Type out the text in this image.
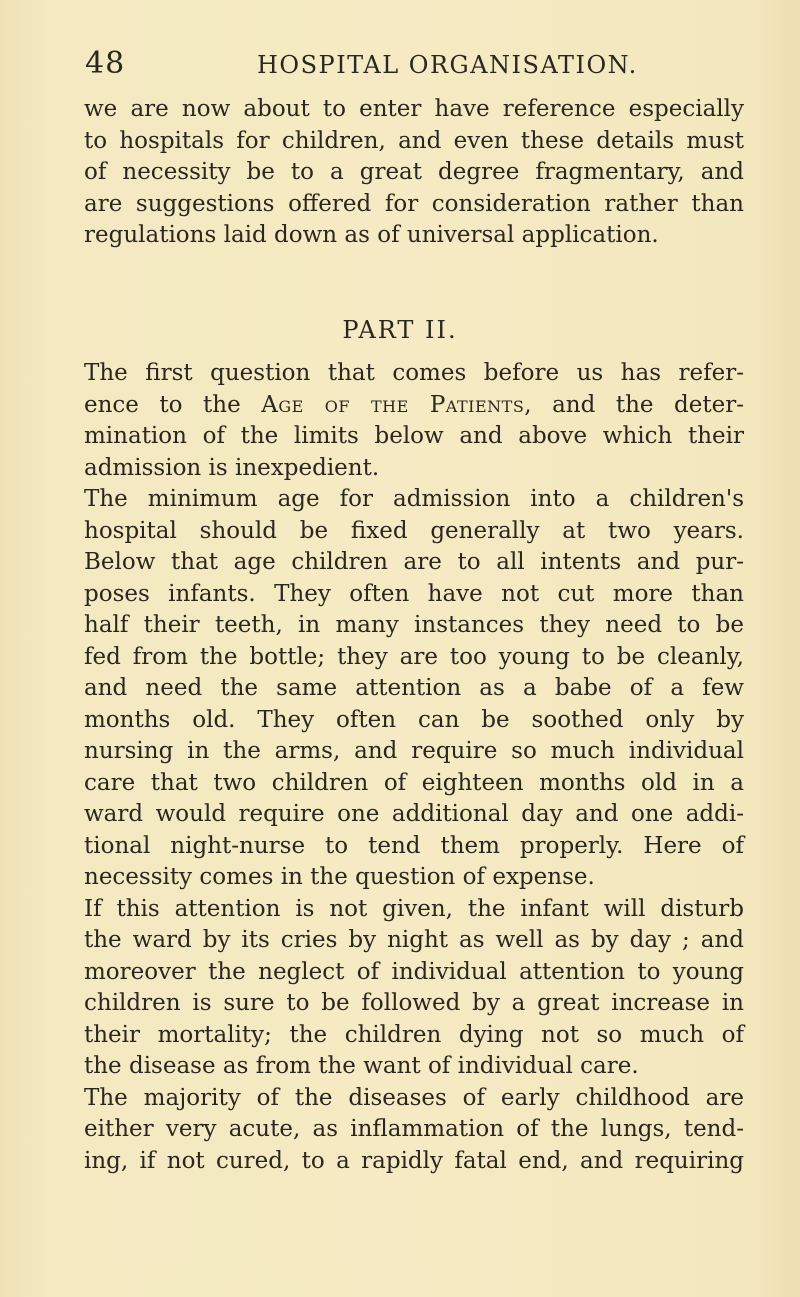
48	HOSPITAL ORGANISATION.
we are now about to enter have reference especially
to hospitals for children, and even these details must
of necessity be to a great degree fragmentary, and
are suggestions offered for consideration rather than
regulations laid down as of universal application.
PART II.
The first question that comes before us has refer-
ence to the Age of the Patients, and the deter-
mination of the limits below and above which their
admission is inexpedient.
The minimum age for admission into a children's
hospital should be fixed generally at two years.
Below that age children are to all intents and pur-
poses infants. They often have not cut more than
half their teeth, in many instances they need to be
fed from the bottle; they are too young to be cleanly,
and need the same attention as a babe of a few
months old. They often can be soothed only by
nursing in the arms, and require so much individual
care that two children of eighteen months old in a
ward would require one additional day and one addi-
tional night-nurse to tend them properly. Here of
necessity comes in the question of expense.
If this attention is not given, the infant will disturb
the ward by its cries by night as well as by day ; and
moreover the neglect of individual attention to young
children is sure to be followed by a great increase in
their mortality; the children dying not so much of
the disease as from the want of individual care.
The majority of the diseases of early childhood are
either very acute, as inflammation of the lungs, tend-
ing, if not cured, to a rapidly fatal end, and requiring
